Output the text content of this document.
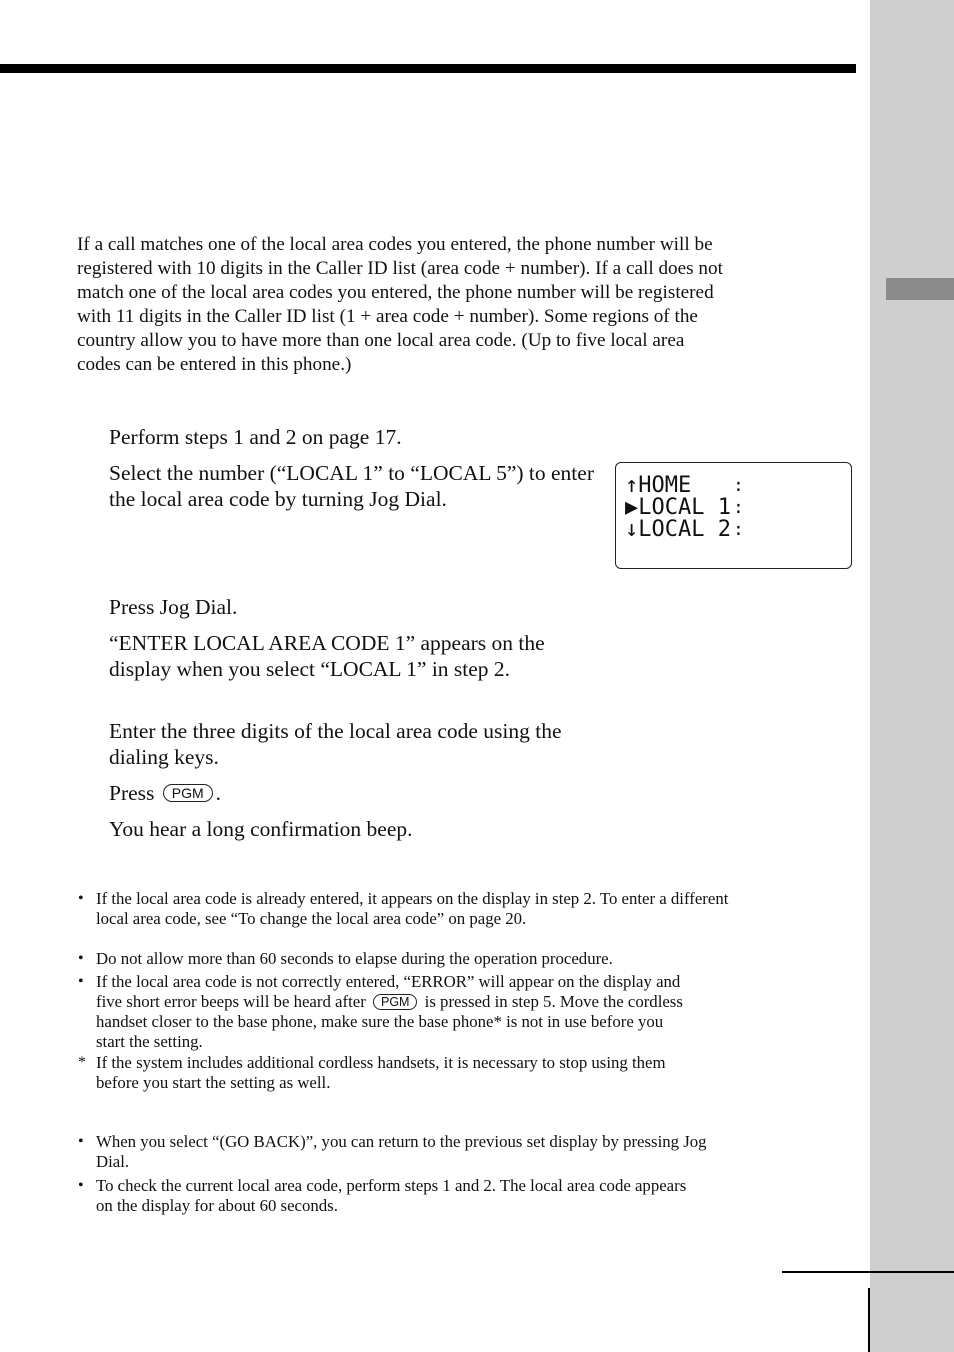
If a call matches one of the local area codes you entered, the phone number will be registered with 10 digits in the Caller ID list (area code + number). If a call does not match one of the local area codes you entered, the phone number will be registered with 11 digits in the Caller ID list (1 + area code + number). Some regions of the country allow you to have more than one local area code. (Up to five local area codes can be entered in this phone.)

Perform steps 1 and 2 on page 17.
Select the number (“LOCAL 1” to “LOCAL 5”) to enter the local area code by turning Jog Dial.
↑HOME :
▶LOCAL 1 :
↓LOCAL 2 :
Press Jog Dial.
“ENTER LOCAL AREA CODE 1” appears on the display when you select “LOCAL 1” in step 2.
Enter the three digits of the local area code using the dialing keys.
Press PGM .
You hear a long confirmation beep.
• If the local area code is already entered, it appears on the display in step 2. To enter a different local area code, see “To change the local area code” on page 20.
• Do not allow more than 60 seconds to elapse during the operation procedure.
• If the local area code is not correctly entered, “ERROR” will appear on the display and five short error beeps will be heard after PGM is pressed in step 5. Move the cordless handset closer to the base phone, make sure the base phone* is not in use before you start the setting.
* If the system includes additional cordless handsets, it is necessary to stop using them before you start the setting as well.
• When you select “(GO BACK)”, you can return to the previous set display by pressing Jog Dial.
• To check the current local area code, perform steps 1 and 2. The local area code appears on the display for about 60 seconds.
